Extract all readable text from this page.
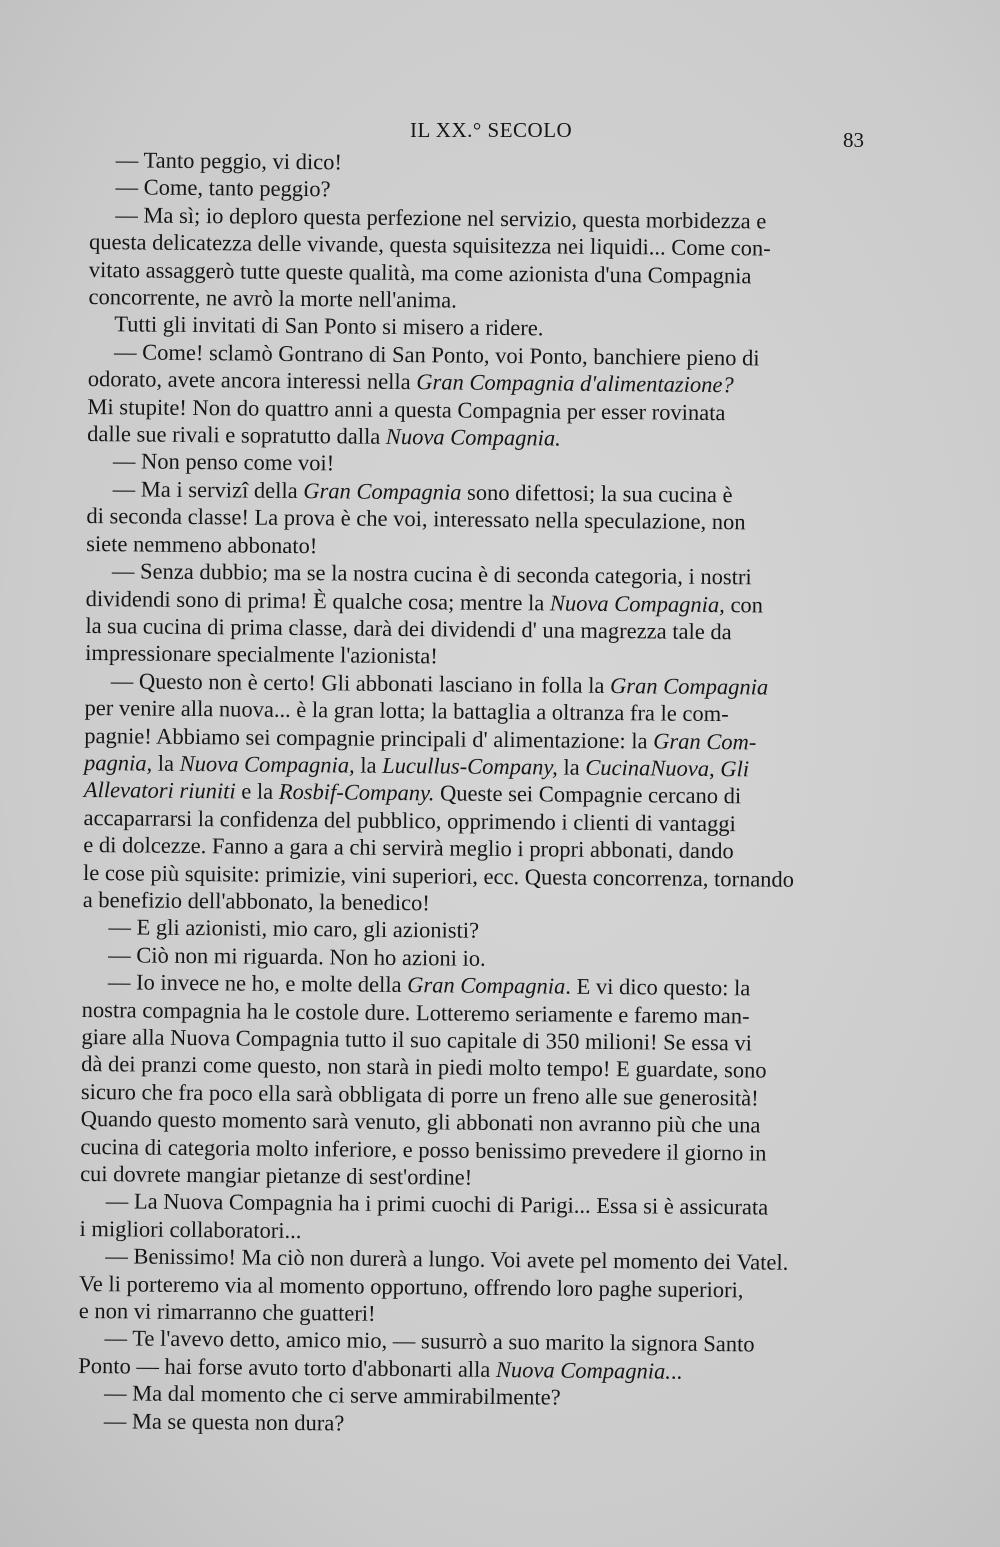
IL XX.° SECOLO	83

— Tanto peggio, vi dico!

— Come, tanto peggio?

— Ma sì; io deploro questa perfezione nel servizio, questa morbidezza e
questa delicatezza delle vivande, questa squisitezza nei liquidi... Come con-
vitato assaggerò tutte queste qualità, ma come azionista d'una Compagnia
concorrente, ne avrò la morte nell'anima.

Tutti gli invitati di San Ponto si misero a ridere.

— Come! sclamò Gontrano di San Ponto, voi Ponto, banchiere pieno di
odorato, avete ancora interessi nella Gran Compagnia d'alimentazione?
Mi stupite! Non do quattro anni a questa Compagnia per esser rovinata
dalle sue rivali e sopratutto dalla Nuova Compagnia.

— Non penso come voi!

— Ma i servizî della Gran Compagnia sono difettosi; la sua cucina è
di seconda classe! La prova è che voi, interessato nella speculazione, non
siete nemmeno abbonato!

— Senza dubbio; ma se la nostra cucina è di seconda categoria, i nostri
dividendi sono di prima! È qualche cosa; mentre la Nuova Compagnia, con
la sua cucina di prima classe, darà dei dividendi d' una magrezza tale da
impressionare specialmente l'azionista!

— Questo non è certo! Gli abbonati lasciano in folla la Gran Compagnia
per venire alla nuova... è la gran lotta; la battaglia a oltranza fra le com-
pagnie! Abbiamo sei compagnie principali d' alimentazione: la Gran Com-
pagnia, la Nuova Compagnia, la Lucullus-Company, la CucinaNuova, Gli
Allevatori riuniti e la Rosbif-Company. Queste sei Compagnie cercano di
accaparrarsi la confidenza del pubblico, opprimendo i clienti di vantaggi
e di dolcezze. Fanno a gara a chi servirà meglio i propri abbonati, dando
le cose più squisite: primizie, vini superiori, ecc. Questa concorrenza, tornando
a benefizio dell'abbonato, la benedico!

— E gli azionisti, mio caro, gli azionisti?

— Ciò non mi riguarda. Non ho azioni io.

— Io invece ne ho, e molte della Gran Compagnia. E vi dico questo: la
nostra compagnia ha le costole dure. Lotteremo seriamente e faremo man-
giare alla Nuova Compagnia tutto il suo capitale di 350 milioni! Se essa vi
dà dei pranzi come questo, non starà in piedi molto tempo! E guardate, sono
sicuro che fra poco ella sarà obbligata di porre un freno alle sue generosità!
Quando questo momento sarà venuto, gli abbonati non avranno più che una
cucina di categoria molto inferiore, e posso benissimo prevedere il giorno in
cui dovrete mangiar pietanze di sest'ordine!

— La Nuova Compagnia ha i primi cuochi di Parigi... Essa si è assicurata
i migliori collaboratori...

— Benissimo! Ma ciò non durerà a lungo. Voi avete pel momento dei Vatel.
Ve li porteremo via al momento opportuno, offrendo loro paghe superiori,
e non vi rimarranno che guatteri!

— Te l'avevo detto, amico mio, — susurrò a suo marito la signora Santo
Ponto — hai forse avuto torto d'abbonarti alla Nuova Compagnia...

— Ma dal momento che ci serve ammirabilmente?

— Ma se questa non dura?
